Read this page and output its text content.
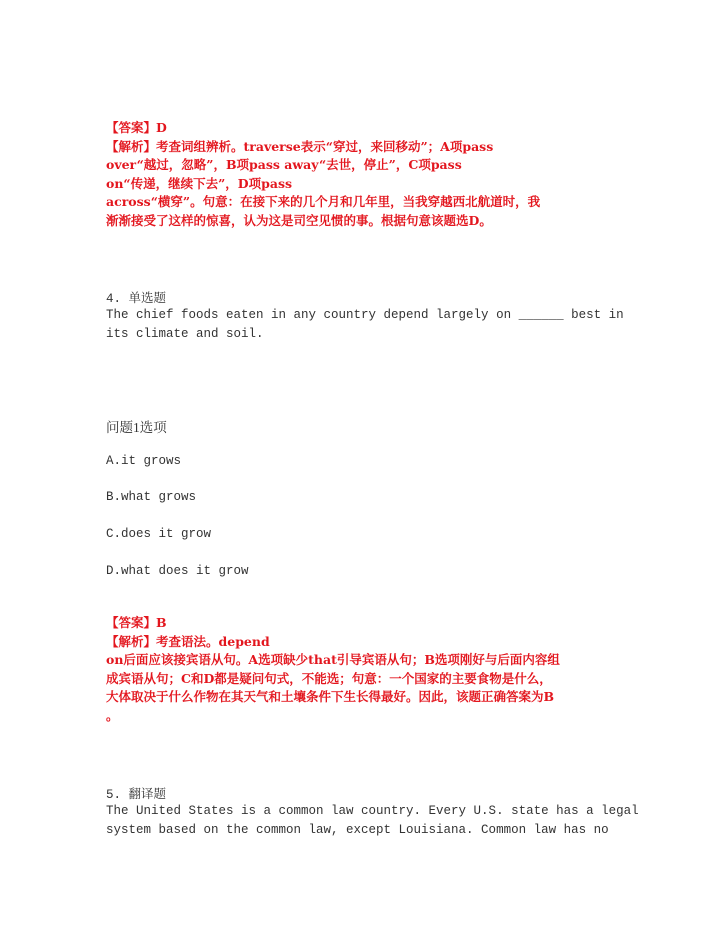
【答案】D
【解析】考查词组辨析。traverse表示“穿过，来回移动”；A项pass
over“越过，忽略”，B项pass away“去世，停止”，C项pass
on“传递，继续下去”，D项pass
across“横穿”。句意：在接下来的几个月和几年里，当我穿越西北航道时，我
渐渐接受了这样的惊喜，认为这是司空见惯的事。根据句意该题选D。
4. 单选题
The chief foods eaten in any country depend largely on ______ best in
its climate and soil.
问题1选项
A.it grows
B.what grows
C.does it grow
D.what does it grow
【答案】B
【解析】考查语法。depend
on后面应该接宾语从句。A选项缺少that引导宾语从句；B选项刚好与后面内容组
成宾语从句；C和D都是疑问句式，不能选；句意：一个国家的主要食物是什么，
大体取决于什么作物在其天气和土壤条件下生长得最好。因此，该题正确答案为B
。
5. 翻译题
The United States is a common law country. Every U.S. state has a legal
system based on the common law, except Louisiana. Common law has no
